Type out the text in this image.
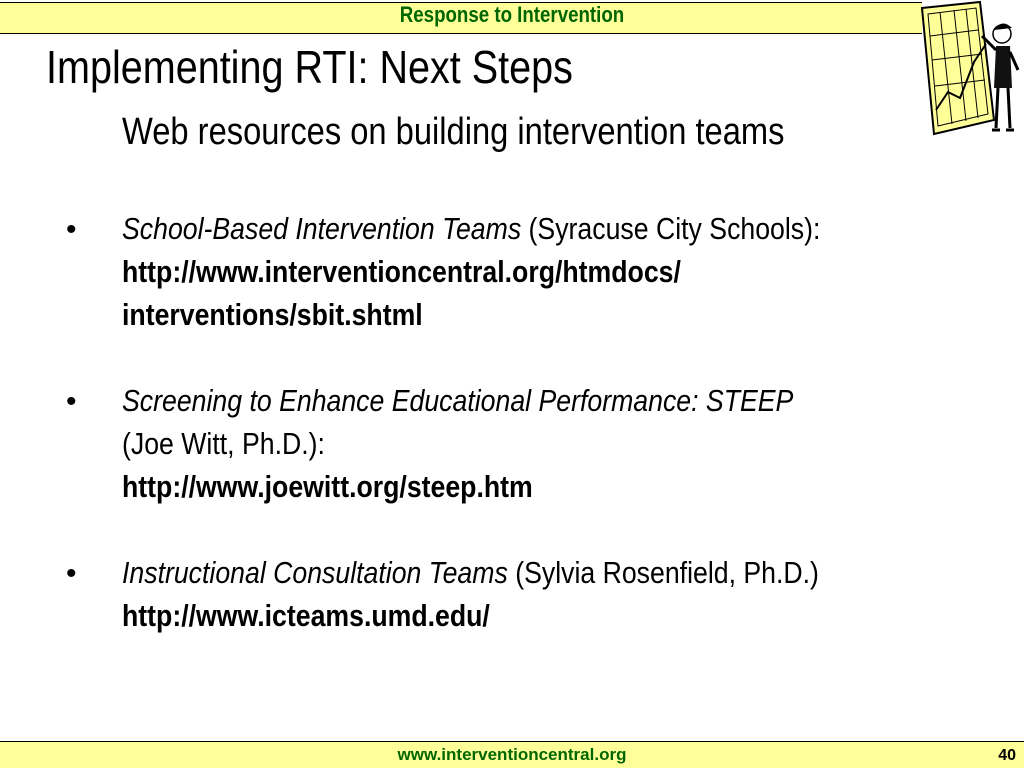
Response to Intervention
Implementing RTI: Next Steps
Web resources on building intervention teams
• School-Based Intervention Teams (Syracuse City Schools):
http://www.interventioncentral.org/htmdocs/
interventions/sbit.shtml
• Screening to Enhance Educational Performance: STEEP
(Joe Witt, Ph.D.):
http://www.joewitt.org/steep.htm
• Instructional Consultation Teams (Sylvia Rosenfield, Ph.D.)
http://www.icteams.umd.edu/
www.interventioncentral.org	40
